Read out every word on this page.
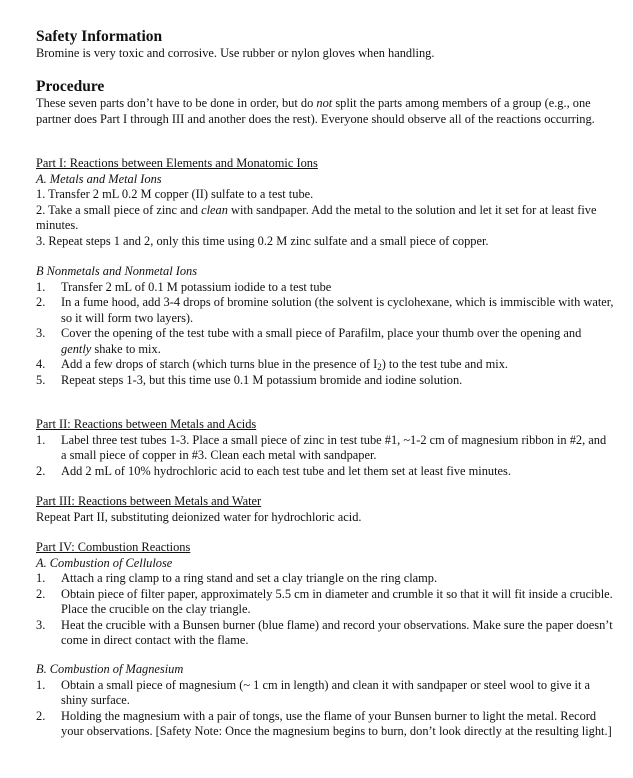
Safety Information
Bromine is very toxic and corrosive. Use rubber or nylon gloves when handling.
Procedure
These seven parts don’t have to be done in order, but do not split the parts among members of a group (e.g., one partner does Part I through III and another does the rest). Everyone should observe all of the reactions occurring.
Part I: Reactions between Elements and Monatomic Ions
A. Metals and Metal Ions
1. Transfer 2 mL 0.2 M copper (II) sulfate to a test tube.
2. Take a small piece of zinc and clean with sandpaper. Add the metal to the solution and let it set for at least five minutes.
3. Repeat steps 1 and 2, only this time using 0.2 M zinc sulfate and a small piece of copper.
B Nonmetals and Nonmetal Ions
1.	Transfer 2 mL of 0.1 M potassium iodide to a test tube
2.	In a fume hood, add 3-4 drops of bromine solution (the solvent is cyclohexane, which is immiscible with water, so it will form two layers).
3.	Cover the opening of the test tube with a small piece of Parafilm, place your thumb over the opening and gently shake to mix.
4.	Add a few drops of starch (which turns blue in the presence of $I_2$) to the test tube and mix.
5.	Repeat steps 1-3, but this time use 0.1 M potassium bromide and iodine solution.
Part II: Reactions between Metals and Acids
1.	Label three test tubes 1-3. Place a small piece of zinc in test tube #1, ~1-2 cm of magnesium ribbon in #2, and a small piece of copper in #3. Clean each metal with sandpaper.
2.	Add 2 mL of 10% hydrochloric acid to each test tube and let them set at least five minutes.
Part III: Reactions between Metals and Water
Repeat Part II, substituting deionized water for hydrochloric acid.
Part IV: Combustion Reactions
A. Combustion of Cellulose
1.	Attach a ring clamp to a ring stand and set a clay triangle on the ring clamp.
2.	Obtain piece of filter paper, approximately 5.5 cm in diameter and crumble it so that it will fit inside a crucible. Place the crucible on the clay triangle.
3.	Heat the crucible with a Bunsen burner (blue flame) and record your observations. Make sure the paper doesn’t come in direct contact with the flame.
B. Combustion of Magnesium
1.	Obtain a small piece of magnesium (~ 1 cm in length) and clean it with sandpaper or steel wool to give it a shiny surface.
2.	Holding the magnesium with a pair of tongs, use the flame of your Bunsen burner to light the metal. Record your observations. [Safety Note: Once the magnesium begins to burn, don’t look directly at the resulting light.]
